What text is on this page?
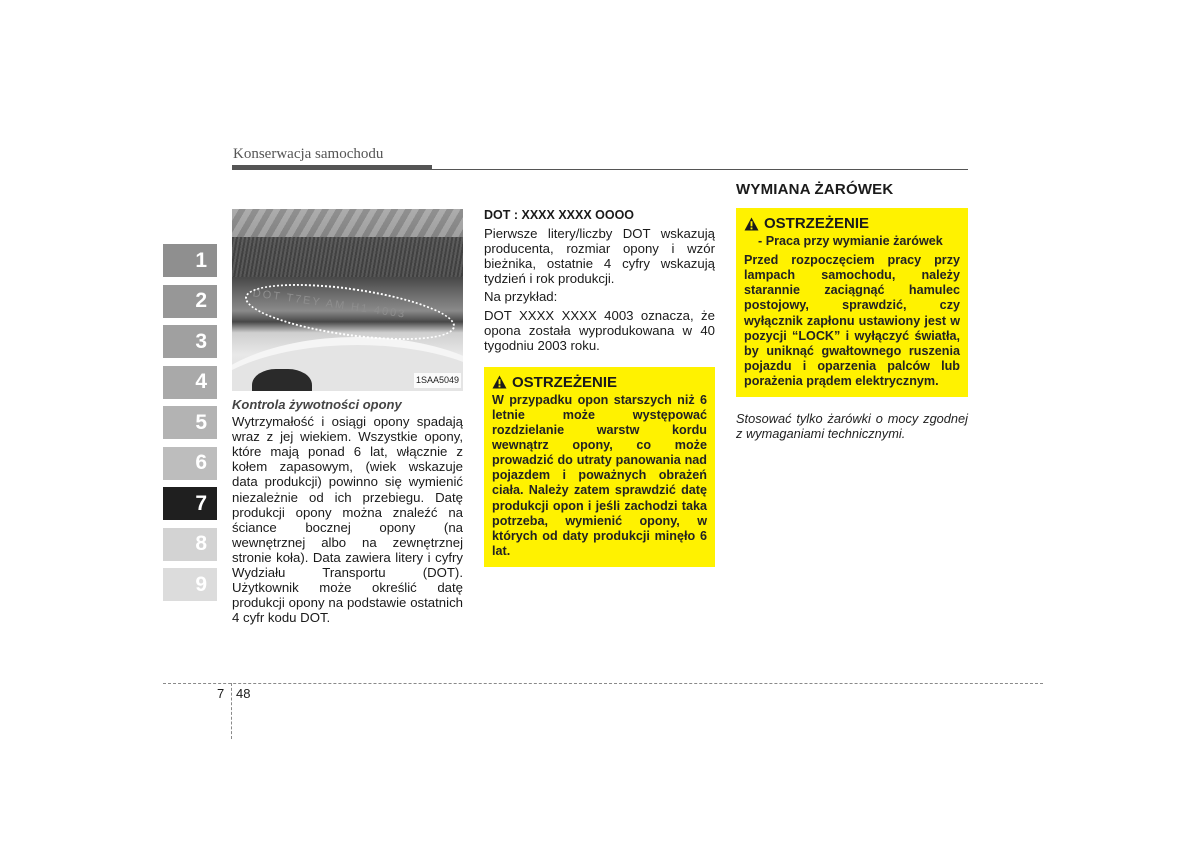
Konserwacja samochodu
1
2
3
4
5
6
7
8
9
DOT T7EY AM H1 4003
1SAA5049
Kontrola żywotności opony

Wytrzymałość i osiągi opony spadają wraz z jej wiekiem. Wszystkie opony, które mają ponad 6 lat, włącznie z kołem zapasowym, (wiek wskazuje data produkcji) powinno się wymienić niezależnie od ich przebiegu. Datę produkcji opony można znaleźć na ściance bocznej opony (na wewnętrznej albo na zewnętrznej stronie koła). Data zawiera litery i cyfry Wydziału Transportu (DOT). Użytkownik może określić datę produkcji opony na podstawie ostatnich 4 cyfr kodu DOT.

DOT : XXXX XXXX OOOO

Pierwsze litery/liczby DOT wskazują producenta, rozmiar opony i wzór bieżnika, ostatnie 4 cyfry wskazują tydzień i rok produkcji.

Na przykład:

DOT XXXX XXXX 4003 oznacza, że opona została wyprodukowana w 40 tygodniu 2003 roku.

OSTRZEŻENIE
W przypadku opon starszych niż 6 letnie może występować rozdzielanie warstw kordu wewnątrz opony, co może prowadzić do utraty panowania nad pojazdem i poważnych obrażeń ciała. Należy zatem sprawdzić datę produkcji opon i jeśli zachodzi taka potrzeba, wymienić opony, w których od daty produkcji minęło 6 lat.
WYMIANA ŻARÓWEK
OSTRZEŻENIE
- Praca przy wymianie żarówek
Przed rozpoczęciem pracy przy lampach samochodu, należy starannie zaciągnąć hamulec postojowy, sprawdzić, czy wyłącznik zapłonu ustawiony jest w pozycji “LOCK” i wyłączyć światła, by uniknąć gwałtownego ruszenia pojazdu i oparzenia palców lub porażenia prądem elektrycznym.

Stosować tylko żarówki o mocy zgodnej z wymaganiami technicznymi.

7 48
